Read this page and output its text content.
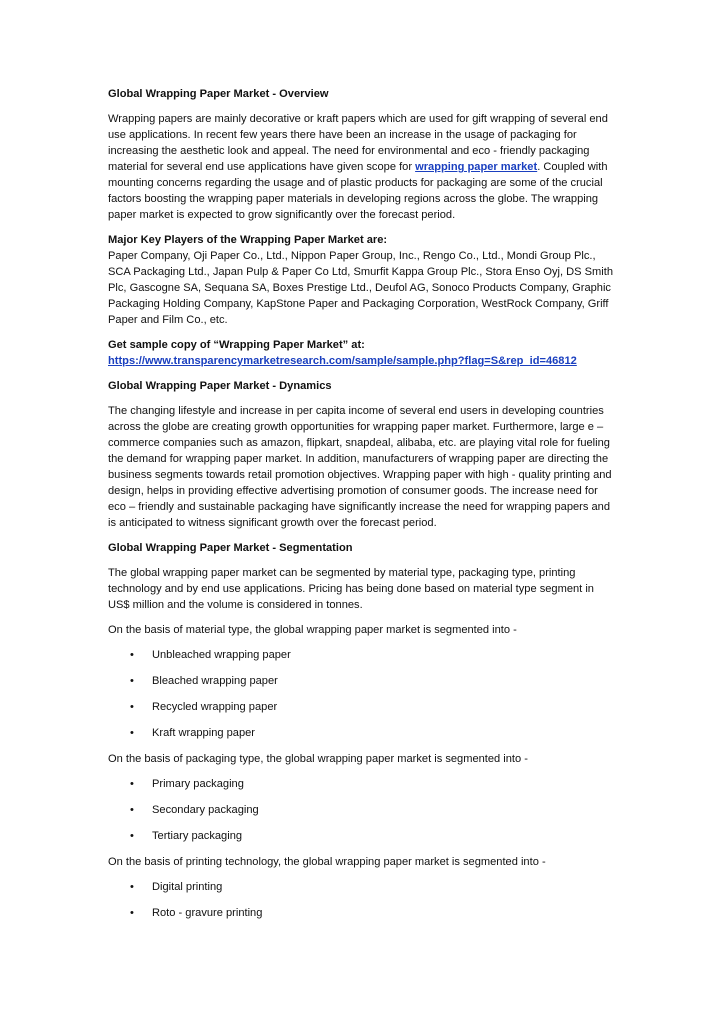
Global Wrapping Paper Market - Overview
Wrapping papers are mainly decorative or kraft papers which are used for gift wrapping of several end use applications. In recent few years there have been an increase in the usage of packaging for increasing the aesthetic look and appeal. The need for environmental and eco - friendly packaging material for several end use applications have given scope for wrapping paper market. Coupled with mounting concerns regarding the usage and of plastic products for packaging are some of the crucial factors boosting the wrapping paper materials in developing regions across the globe. The wrapping paper market is expected to grow significantly over the forecast period.
Major Key Players of the Wrapping Paper Market are:
Paper Company, Oji Paper Co., Ltd., Nippon Paper Group, Inc., Rengo Co., Ltd., Mondi Group Plc., SCA Packaging Ltd., Japan Pulp & Paper Co Ltd, Smurfit Kappa Group Plc., Stora Enso Oyj, DS Smith Plc, Gascogne SA, Sequana SA, Boxes Prestige Ltd., Deufol AG, Sonoco Products Company, Graphic Packaging Holding Company, KapStone Paper and Packaging Corporation, WestRock Company, Griff Paper and Film Co., etc.
Get sample copy of “Wrapping Paper Market” at:
https://www.transparencymarketresearch.com/sample/sample.php?flag=S&rep_id=46812
Global Wrapping Paper Market - Dynamics
The changing lifestyle and increase in per capita income of several end users in developing countries across the globe are creating growth opportunities for wrapping paper market. Furthermore, large e – commerce companies such as amazon, flipkart, snapdeal, alibaba, etc. are playing vital role for fueling the demand for wrapping paper market. In addition, manufacturers of wrapping paper are directing the business segments towards retail promotion objectives. Wrapping paper with high - quality printing and design, helps in providing effective advertising promotion of consumer goods. The increase need for eco – friendly and sustainable packaging have significantly increase the need for wrapping papers and is anticipated to witness significant growth over the forecast period.
Global Wrapping Paper Market - Segmentation
The global wrapping paper market can be segmented by material type, packaging type, printing technology and by end use applications. Pricing has being done based on material type segment in US$ million and the volume is considered in tonnes.
On the basis of material type, the global wrapping paper market is segmented into -
• Unbleached wrapping paper
• Bleached wrapping paper
• Recycled wrapping paper
• Kraft wrapping paper
On the basis of packaging type, the global wrapping paper market is segmented into -
• Primary packaging
• Secondary packaging
• Tertiary packaging
On the basis of printing technology, the global wrapping paper market is segmented into -
• Digital printing
• Roto - gravure printing
